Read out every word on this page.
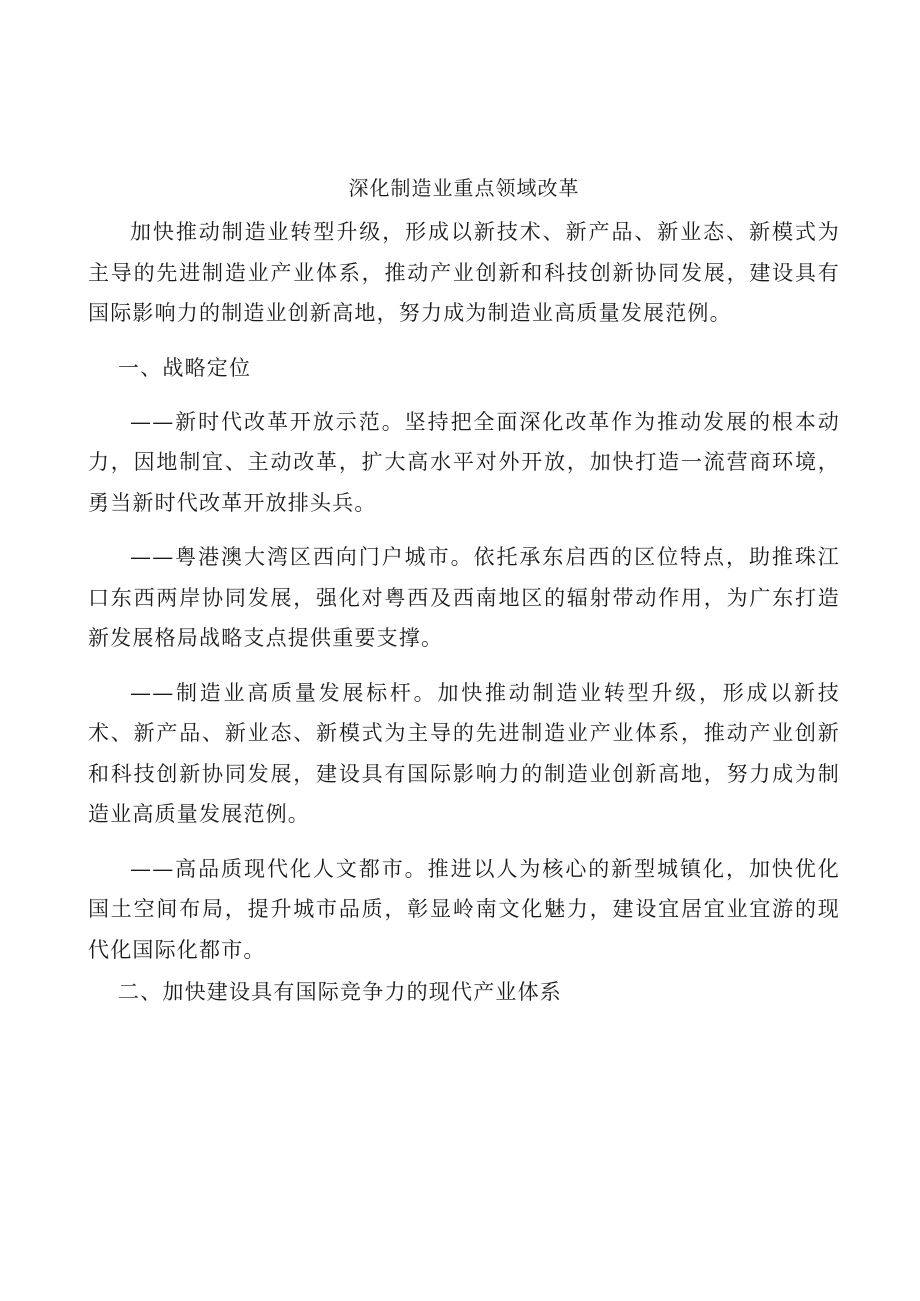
深化制造业重点领域改革

加快推动制造业转型升级，形成以新技术、新产品、新业态、新模式为主导的先进制造业产业体系，推动产业创新和科技创新协同发展，建设具有国际影响力的制造业创新高地，努力成为制造业高质量发展范例。

一、战略定位

——新时代改革开放示范。坚持把全面深化改革作为推动发展的根本动力，因地制宜、主动改革，扩大高水平对外开放，加快打造一流营商环境，勇当新时代改革开放排头兵。

——粤港澳大湾区西向门户城市。依托承东启西的区位特点，助推珠江口东西两岸协同发展，强化对粤西及西南地区的辐射带动作用，为广东打造新发展格局战略支点提供重要支撑。

——制造业高质量发展标杆。加快推动制造业转型升级，形成以新技术、新产品、新业态、新模式为主导的先进制造业产业体系，推动产业创新和科技创新协同发展，建设具有国际影响力的制造业创新高地，努力成为制造业高质量发展范例。

——高品质现代化人文都市。推进以人为核心的新型城镇化，加快优化国土空间布局，提升城市品质，彰显岭南文化魅力，建设宜居宜业宜游的现代化国际化都市。

二、加快建设具有国际竞争力的现代产业体系
